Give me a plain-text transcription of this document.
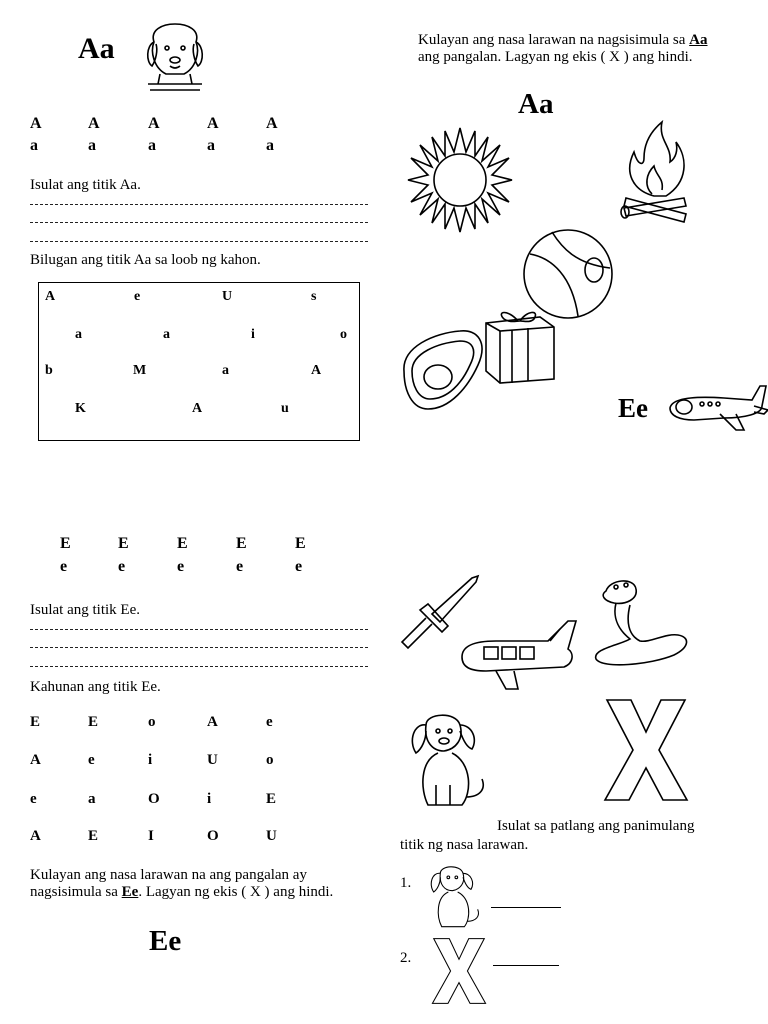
Aa
A	A	A	A	A
a	a	a	a	a
Isulat ang titik Aa.
Bilugan ang titik Aa sa loob ng kahon.
A	e	U	s
a	a	i	o
b	M	a	A
K	A	u
Kulayan ang nasa larawan na nagsisimula sa Aa
ang pangalan. Lagyan ng ekis ( X ) ang hindi.
Aa
Ee
E	E	E	E	E
e	e	e	e	e
Isulat ang titik Ee.
Kahunan ang titik Ee.
E	E	o	A	e
A	e	i	U	o
e	a	O	i	E
A	E	I	O	U
Kulayan ang nasa larawan na ang pangalan ay
nagsisimula sa Ee. Lagyan ng ekis ( X ) ang hindi.
Ee
Isulat sa patlang ang panimulang
titik ng nasa larawan.
1.
2.
